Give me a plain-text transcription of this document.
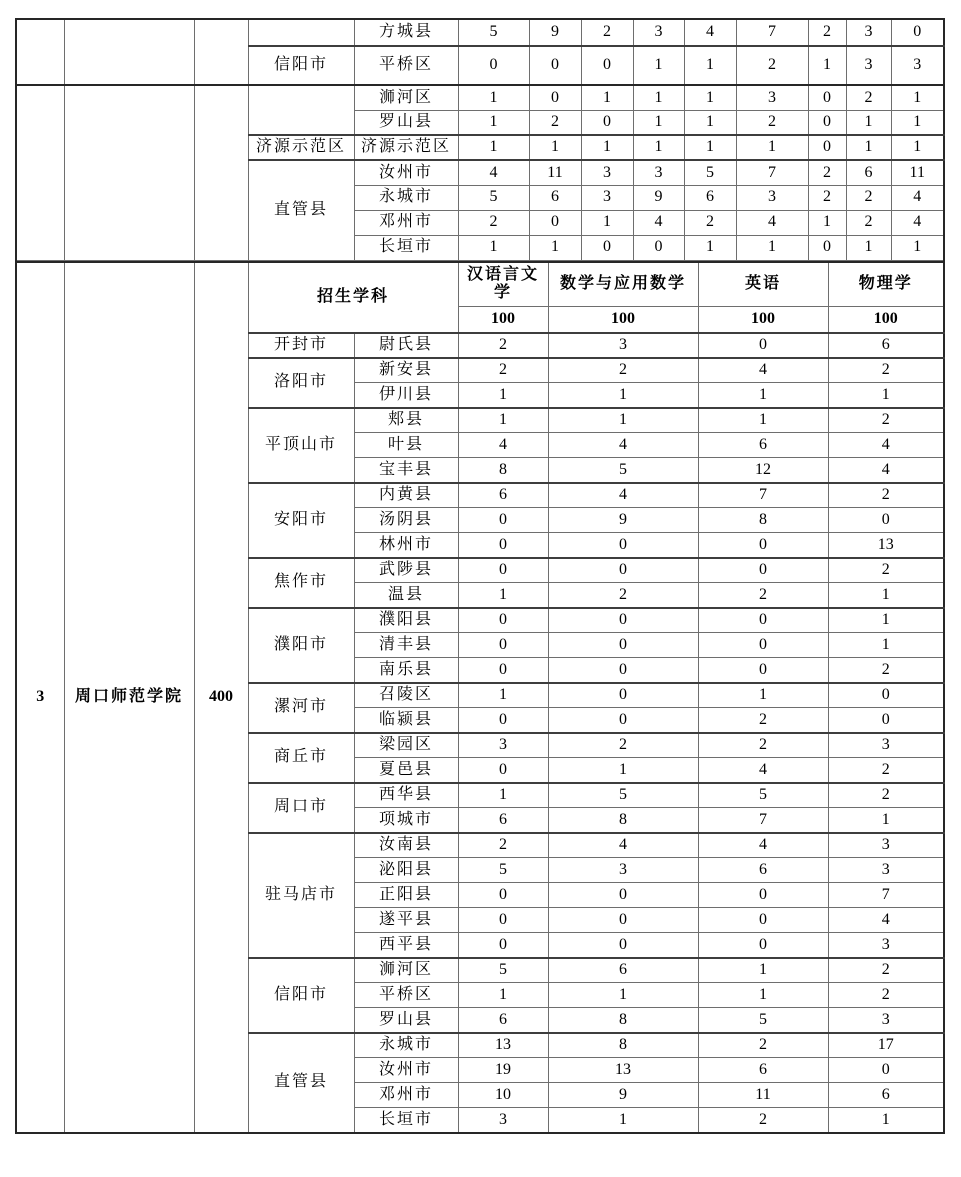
				方城县	5	9	2	3	4	7	2	3	0
			信阳市	平桥区	0	0	0	1	1	2	1	3	3
				浉河区	1	0	1	1	1	3	0	2	1
				罗山县	1	2	0	1	1	2	0	1	1
			济源示范区	济源示范区	1	1	1	1	1	1	0	1	1
			直管县	汝州市	4	11	3	3	5	7	2	6	11
				永城市	5	6	3	9	6	3	2	2	4
				邓州市	2	0	1	4	2	4	1	2	4
				长垣市	1	1	0	0	1	1	0	1	1
3	周口师范学院	400	招生学科		汉语言文学	数学与应用数学	英语	物理学
					100	100	100	100
			开封市	尉氏县	2	3	0	6
			洛阳市	新安县	2	2	4	2
				伊川县	1	1	1	1
			平顶山市	郏县	1	1	1	2
				叶县	4	4	6	4
				宝丰县	8	5	12	4
			安阳市	内黄县	6	4	7	2
				汤阴县	0	9	8	0
				林州市	0	0	0	13
			焦作市	武陟县	0	0	0	2
				温县	1	2	2	1
			濮阳市	濮阳县	0	0	0	1
				清丰县	0	0	0	1
				南乐县	0	0	0	2
			漯河市	召陵区	1	0	1	0
				临颍县	0	0	2	0
			商丘市	梁园区	3	2	2	3
				夏邑县	0	1	4	2
			周口市	西华县	1	5	5	2
				项城市	6	8	7	1
			驻马店市	汝南县	2	4	4	3
				泌阳县	5	3	6	3
				正阳县	0	0	0	7
				遂平县	0	0	0	4
				西平县	0	0	0	3
			信阳市	浉河区	5	6	1	2
				平桥区	1	1	1	2
				罗山县	6	8	5	3
			直管县	永城市	13	8	2	17
				汝州市	19	13	6	0
				邓州市	10	9	11	6
				长垣市	3	1	2	1
